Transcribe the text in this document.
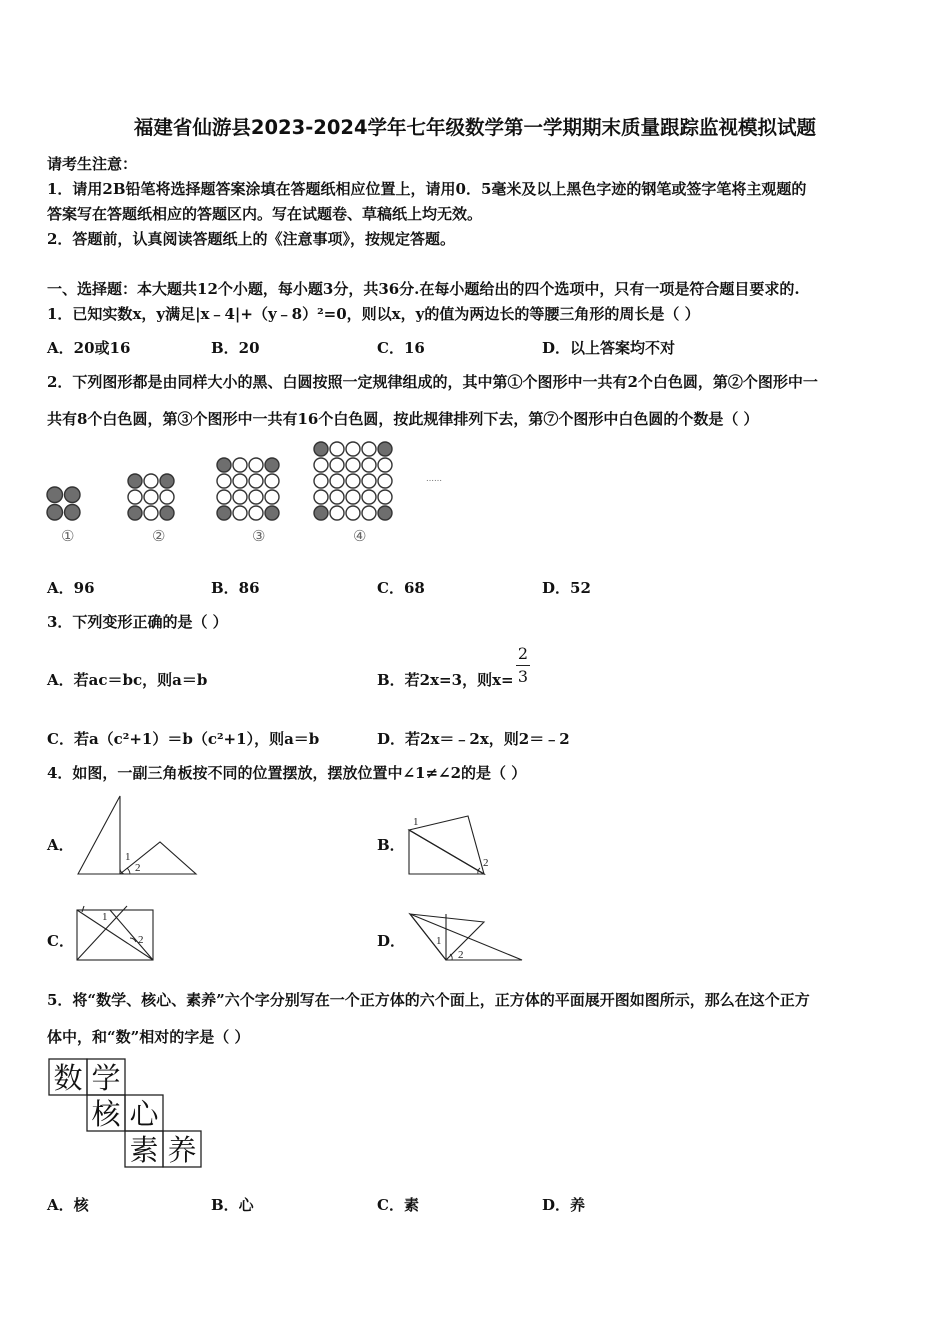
福建省仙游县2023-2024学年七年级数学第一学期期末质量跟踪监视模拟试题
请考生注意：
1．请用2B铅笔将选择题答案涂填在答题纸相应位置上，请用0．5毫米及以上黑色字迹的钢笔或签字笔将主观题的
答案写在答题纸相应的答题区内。写在试题卷、草稿纸上均无效。
2．答题前，认真阅读答题纸上的《注意事项》，按规定答题。
一、选择题：本大题共12个小题，每小题3分，共36分.在每小题给出的四个选项中，只有一项是符合题目要求的.
1．已知实数x，y满足|x﹣4|+（y﹣8）²=0，则以x，y的值为两边长的等腰三角形的周长是（ ）
A．20或16	B．20	C．16	D．以上答案均不对
2．下列图形都是由同样大小的黑、白圆按照一定规律组成的，其中第①个图形中一共有2个白色圆，第②个图形中一
共有8个白色圆，第③个图形中一共有16个白色圆，按此规律排列下去，第⑦个图形中白色圆的个数是（ ）
①	②	③	④
……
A．96	B．86	C．68	D．52
3．下列变形正确的是（ ）
A．若ac＝bc，则a＝b	B．若2x=3，则x=
2
3
C．若a（c²+1）＝b（c²+1），则a＝b	D．若2x＝﹣2x，则2＝﹣2
4．如图，一副三角板按不同的位置摆放，摆放位置中∠1≠∠2的是（ ）
A．	B．
C．	D．
1
2
1
2
1
2	1
2
5．将“数学、核心、素养”六个字分别写在一个正方体的六个面上，正方体的平面展开图如图所示，那么在这个正方
体中，和“数”相对的字是（ ）
数 学
核 心
素 养
A．核	B．心	C．素	D．养
